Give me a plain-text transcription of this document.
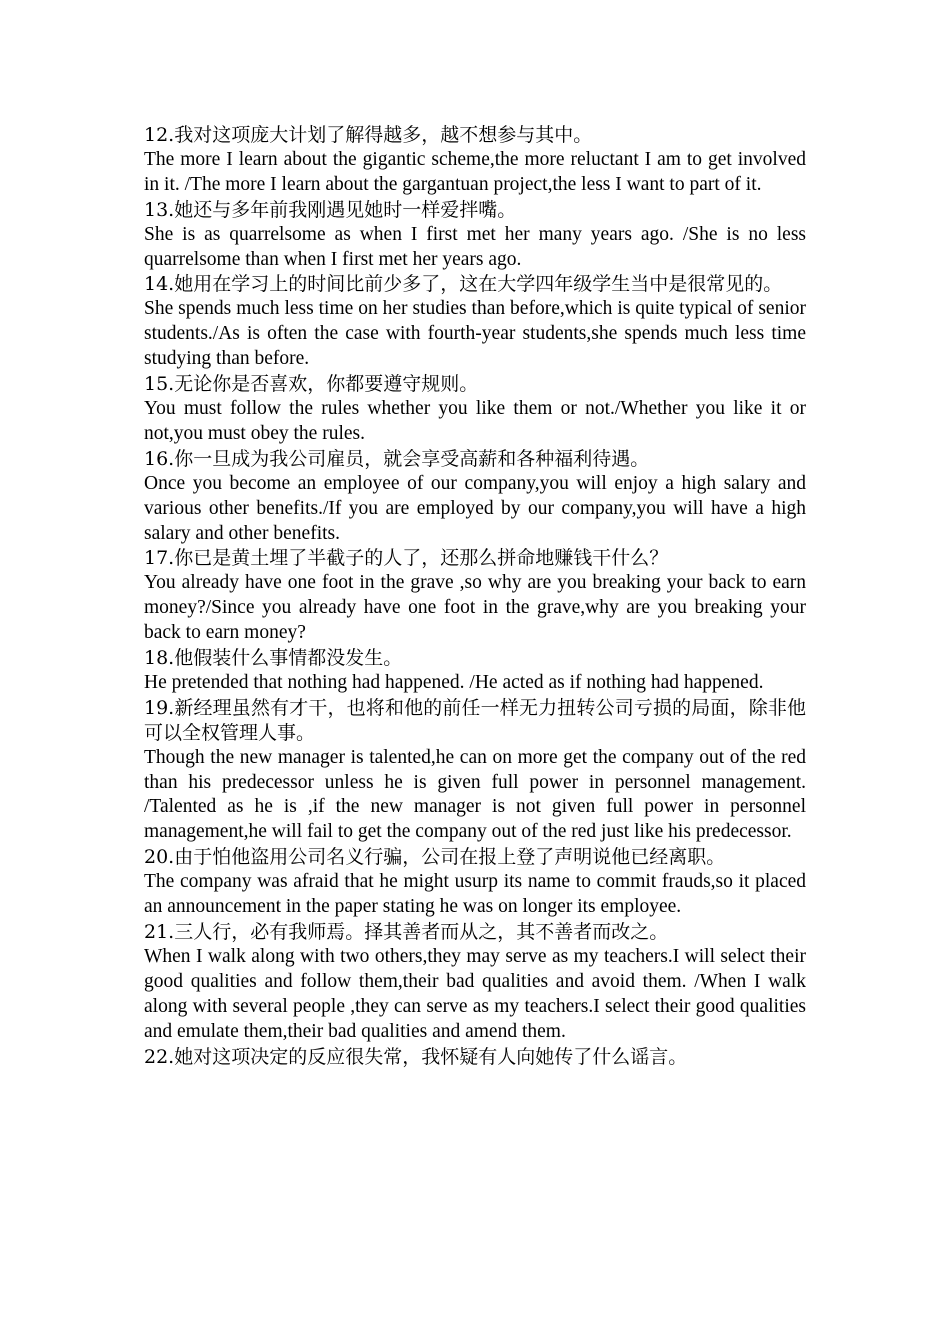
12.我对这项庞大计划了解得越多，越不想参与其中。

The more I learn about the gigantic scheme,the more reluctant I am to get involved in it. /The more I learn about the gargantuan project,the less I want to part of it.

13.她还与多年前我刚遇见她时一样爱拌嘴。

She is as quarrelsome as when I first met her many years ago. /She is no less quarrelsome than when I first met her years ago.

14.她用在学习上的时间比前少多了，这在大学四年级学生当中是很常见的。

She spends much less time on her studies than before,which is quite typical of senior students./As is often the case with fourth-year students,she spends much less time studying than before.

15.无论你是否喜欢，你都要遵守规则。

You must follow the rules whether you like them or not./Whether you like it or not,you must obey the rules.

16.你一旦成为我公司雇员，就会享受高薪和各种福利待遇。

Once you become an employee of our company,you will enjoy a high salary and various other benefits./If you are employed by our company,you will have a high salary and other benefits.

17.你已是黄土埋了半截子的人了，还那么拼命地赚钱干什么？

You already have one foot in the grave ,so why are you breaking your back to earn money?/Since you already have one foot in the grave,why are you breaking your back to earn money?

18.他假装什么事情都没发生。

He pretended that nothing had happened. /He acted as if nothing had happened.

19.新经理虽然有才干，也将和他的前任一样无力扭转公司亏损的局面，除非他可以全权管理人事。

Though the new manager is talented,he can on more get the company out of the red than his predecessor unless he is given full power in personnel management. /Talented as he is ,if the new manager is not given full power in personnel management,he will fail to get the company out of the red just like his predecessor.

20.由于怕他盗用公司名义行骗，公司在报上登了声明说他已经离职。

The company was afraid that he might usurp its name to commit frauds,so it placed an announcement in the paper stating he was on longer its employee.

21.三人行，必有我师焉。择其善者而从之，其不善者而改之。

When I walk along with two others,they may serve as my teachers.I will select their good qualities and follow them,their bad qualities and avoid them. /When I walk along with several people ,they can serve as my teachers.I select their good qualities and emulate them,their bad qualities and amend them.

22.她对这项决定的反应很失常，我怀疑有人向她传了什么谣言。
